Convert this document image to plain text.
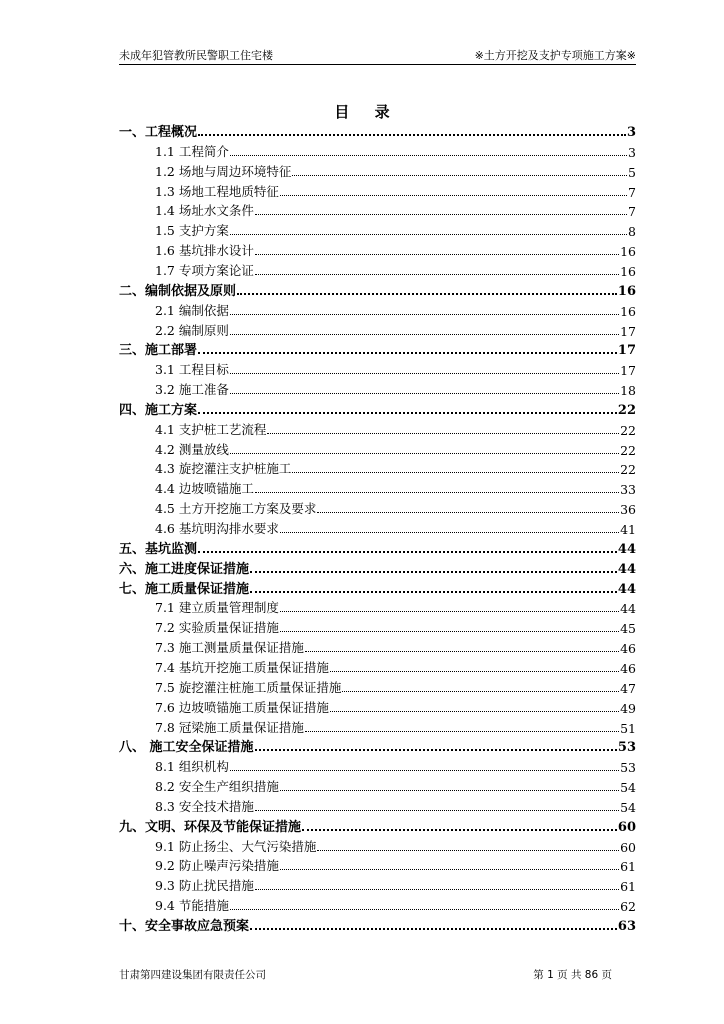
未成年犯管教所民警职工住宅楼	※土方开挖及支护专项施工方案※
目 录
一、工程概况	3
1.1 工程简介	3
1.2 场地与周边环境特征	5
1.3 场地工程地质特征	7
1.4 场址水文条件	7
1.5 支护方案	8
1.6 基坑排水设计	16
1.7 专项方案论证	16
二、编制依据及原则	16
2.1 编制依据	16
2.2 编制原则	17
三、施工部署	17
3.1 工程目标	17
3.2 施工准备	18
四、施工方案	22
4.1 支护桩工艺流程	22
4.2 测量放线	22
4.3 旋挖灌注支护桩施工	22
4.4 边坡喷锚施工	33
4.5 土方开挖施工方案及要求	36
4.6 基坑明沟排水要求	41
五、基坑监测	44
六、施工进度保证措施	44
七、施工质量保证措施	44
7.1 建立质量管理制度	44
7.2 实验质量保证措施	45
7.3 施工测量质量保证措施	46
7.4 基坑开挖施工质量保证措施	46
7.5 旋挖灌注桩施工质量保证措施	47
7.6 边坡喷锚施工质量保证措施	49
7.8 冠梁施工质量保证措施	51
八、 施工安全保证措施	53
8.1 组织机构	53
8.2 安全生产组织措施	54
8.3 安全技术措施	54
九、文明、环保及节能保证措施	60
9.1 防止扬尘、大气污染措施	60
9.2 防止噪声污染措施	61
9.3 防止扰民措施	61
9.4 节能措施	62
十、安全事故应急预案	63
甘肃第四建设集团有限责任公司	第 1 页 共 86 页
